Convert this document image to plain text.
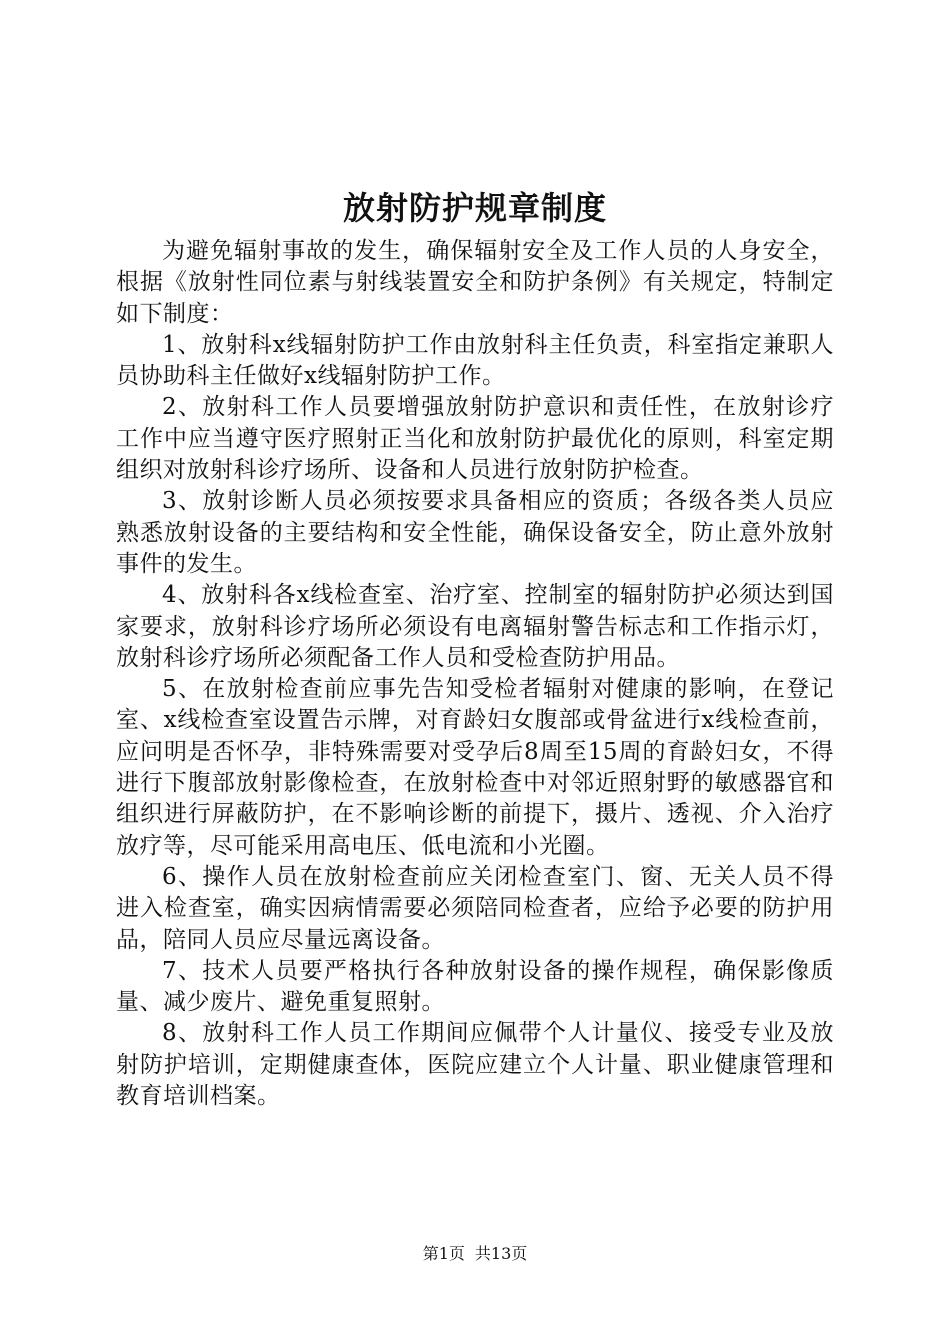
放射防护规章制度

为避免辐射事故的发生，确保辐射安全及工作人员的人身安全，根据《放射性同位素与射线装置安全和防护条例》有关规定，特制定如下制度：

1、放射科x线辐射防护工作由放射科主任负责，科室指定兼职人员协助科主任做好x线辐射防护工作。

2、放射科工作人员要增强放射防护意识和责任性，在放射诊疗工作中应当遵守医疗照射正当化和放射防护最优化的原则，科室定期组织对放射科诊疗场所、设备和人员进行放射防护检查。

3、放射诊断人员必须按要求具备相应的资质；各级各类人员应熟悉放射设备的主要结构和安全性能，确保设备安全，防止意外放射事件的发生。

4、放射科各x线检查室、治疗室、控制室的辐射防护必须达到国家要求，放射科诊疗场所必须设有电离辐射警告标志和工作指示灯，放射科诊疗场所必须配备工作人员和受检查防护用品。

5、在放射检查前应事先告知受检者辐射对健康的影响，在登记室、x线检查室设置告示牌，对育龄妇女腹部或骨盆进行x线检查前，应问明是否怀孕，非特殊需要对受孕后8周至15周的育龄妇女，不得进行下腹部放射影像检查，在放射检查中对邻近照射野的敏感器官和组织进行屏蔽防护，在不影响诊断的前提下，摄片、透视、介入治疗放疗等，尽可能采用高电压、低电流和小光圈。

6、操作人员在放射检查前应关闭检查室门、窗、无关人员不得进入检查室，确实因病情需要必须陪同检查者，应给予必要的防护用品，陪同人员应尽量远离设备。

7、技术人员要严格执行各种放射设备的操作规程，确保影像质量、减少废片、避免重复照射。

8、放射科工作人员工作期间应佩带个人计量仪、接受专业及放射防护培训，定期健康查体，医院应建立个人计量、职业健康管理和教育培训档案。

第1页 共13页
